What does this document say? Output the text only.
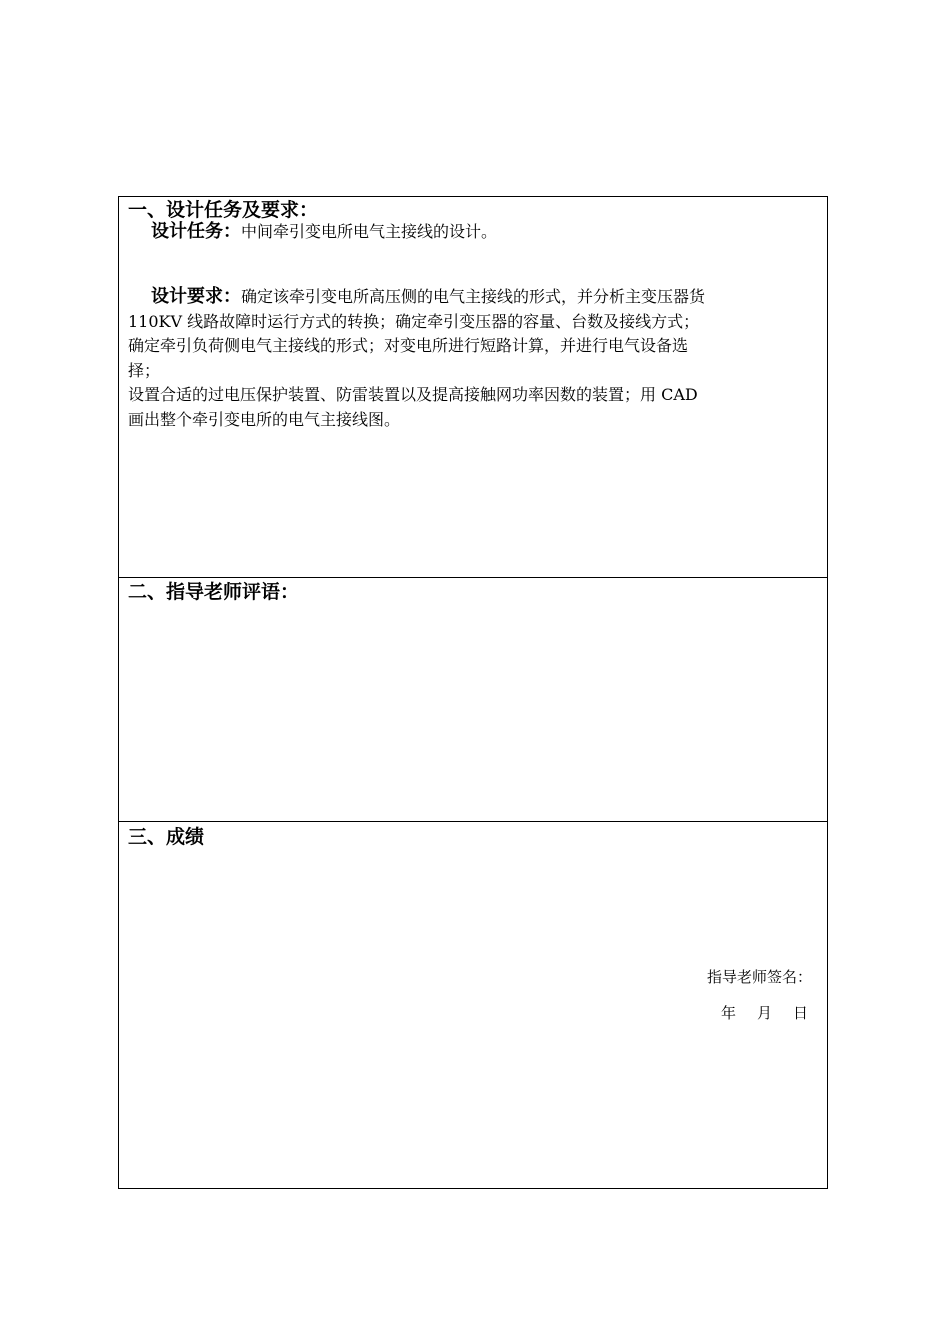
一、设计任务及要求：
设计任务：中间牵引变电所电气主接线的设计。

设计要求：确定该牵引变电所高压侧的电气主接线的形式，并分析主变压器货
110KV 线路故障时运行方式的转换；确定牵引变压器的容量、台数及接线方式；
确定牵引负荷侧电气主接线的形式；对变电所进行短路计算，并进行电气设备选
择；
设置合适的过电压保护装置、防雷装置以及提高接触网功率因数的装置；用 CAD
画出整个牵引变电所的电气主接线图。

二、指导老师评语：
三、成绩
指导老师签名：
年 月 日
